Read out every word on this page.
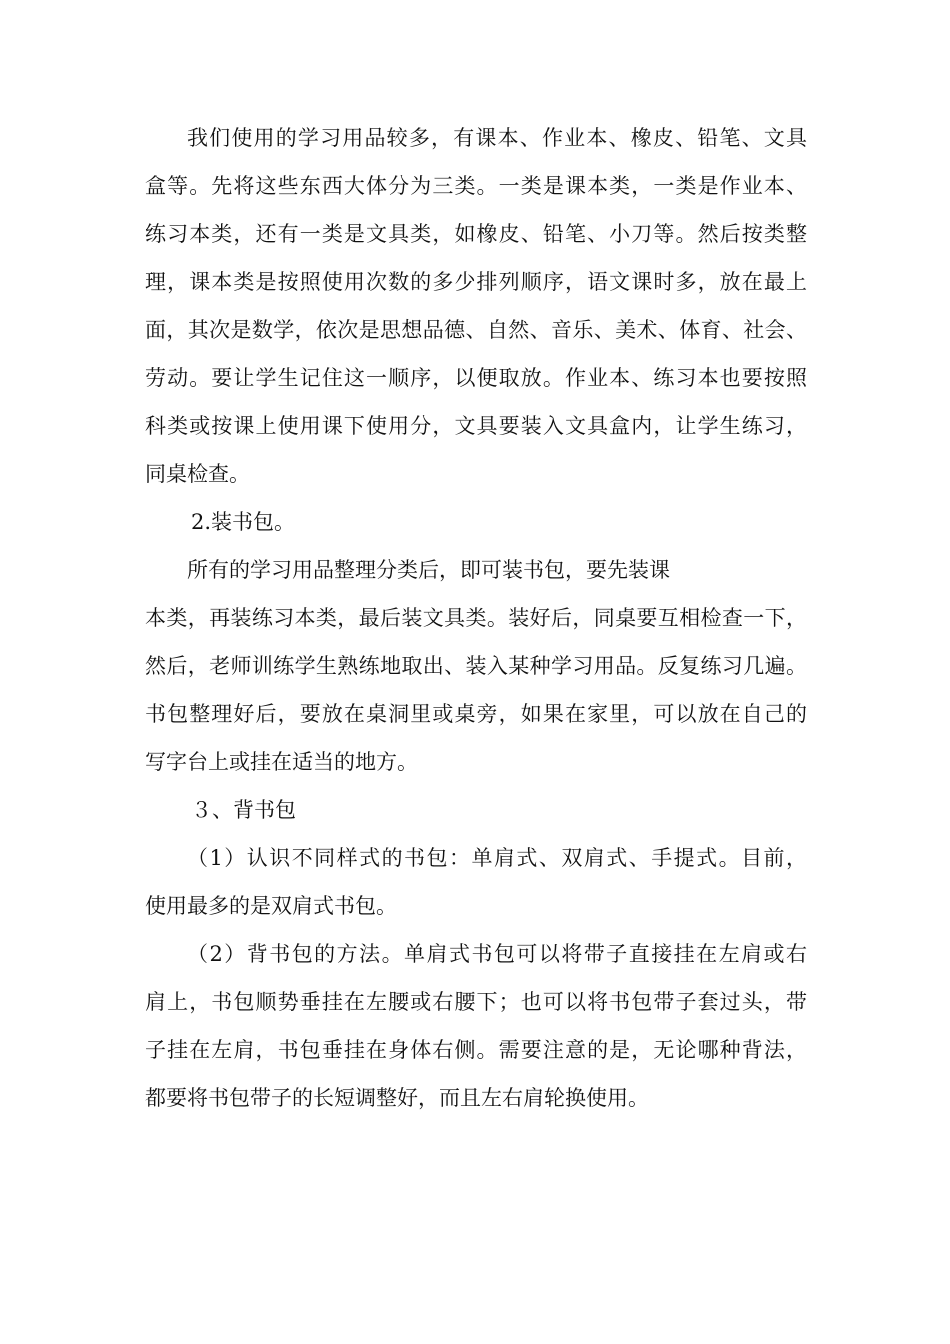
我们使用的学习用品较多，有课本、作业本、橡皮、铅笔、文具
盒等。先将这些东西大体分为三类。一类是课本类，一类是作业本、
练习本类，还有一类是文具类，如橡皮、铅笔、小刀等。然后按类整
理，课本类是按照使用次数的多少排列顺序，语文课时多，放在最上
面，其次是数学，依次是思想品德、自然、音乐、美术、体育、社会、
劳动。要让学生记住这一顺序，以便取放。作业本、练习本也要按照
科类或按课上使用课下使用分，文具要装入文具盒内，让学生练习，
同桌检查。
2.装书包。
所有的学习用品整理分类后，即可装书包，要先装课
本类，再装练习本类，最后装文具类。装好后，同桌要互相检查一下，
然后，老师训练学生熟练地取出、装入某种学习用品。反复练习几遍。
书包整理好后，要放在桌洞里或桌旁，如果在家里，可以放在自己的
写字台上或挂在适当的地方。
３、背书包
（1）认识不同样式的书包：单肩式、双肩式、手提式。目前，
使用最多的是双肩式书包。
（2）背书包的方法。单肩式书包可以将带子直接挂在左肩或右
肩上，书包顺势垂挂在左腰或右腰下；也可以将书包带子套过头，带
子挂在左肩，书包垂挂在身体右侧。需要注意的是，无论哪种背法，
都要将书包带子的长短调整好，而且左右肩轮换使用。
